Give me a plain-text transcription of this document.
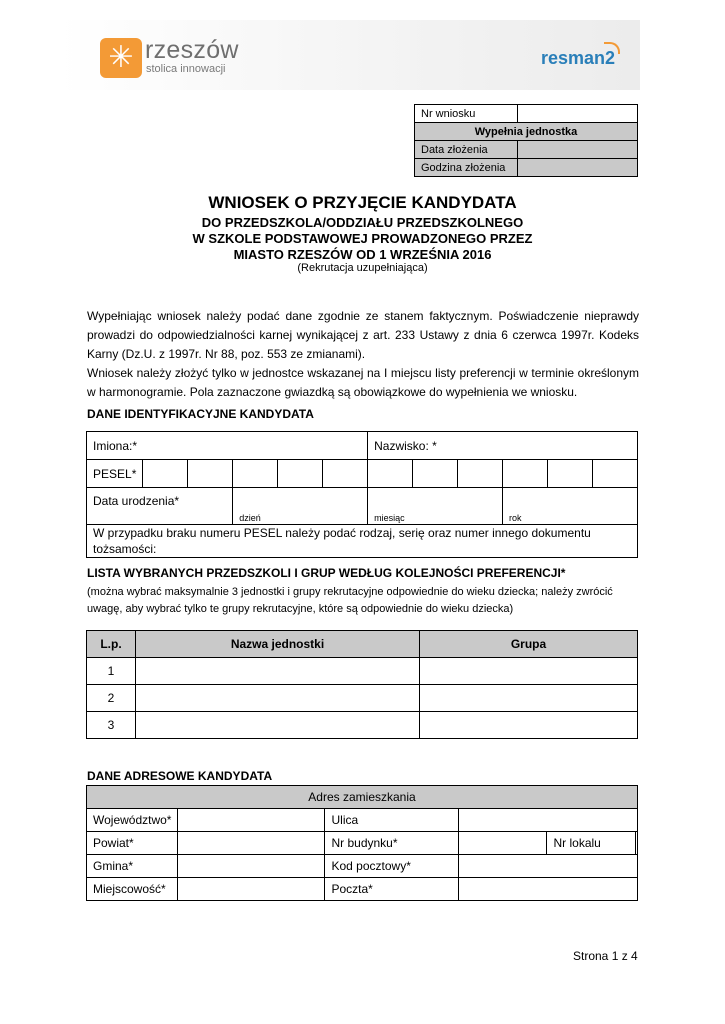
✳ rzeszów
stolica innowacji
resman2
Nr wniosku	
Wypełnia jednostka	
Data złożenia	
Godzina złożenia	
WNIOSEK O PRZYJĘCIE KANDYDATA
DO PRZEDSZKOLA/ODDZIAŁU PRZEDSZKOLNEGO
W SZKOLE PODSTAWOWEJ PROWADZONEGO PRZEZ
MIASTO RZESZÓW OD 1 WRZEŚNIA 2016
(Rekrutacja uzupełniająca)
Wypełniając wniosek należy podać dane zgodnie ze stanem faktycznym. Poświadczenie nieprawdy prowadzi do odpowiedzialności karnej wynikającej z art. 233 Ustawy z dnia 6 czerwca 1997r. Kodeks Karny (Dz.U. z 1997r. Nr 88, poz. 553 ze zmianami).
Wniosek należy złożyć tylko w jednostce wskazanej na I miejscu listy preferencji w terminie określonym w harmonogramie. Pola zaznaczone gwiazdką są obowiązkowe do wypełnienia we wniosku.
DANE IDENTYFIKACYJNE KANDYDATA
Imiona:*						Nazwisko: *					
PESEL*											
Data urodzenia*			dzień			miesiąc			rok		
W przypadku braku numeru PESEL należy podać rodzaj, serię oraz numer innego dokumentu tożsamości:											
LISTA WYBRANYCH PRZEDSZKOLI I GRUP WEDŁUG KOLEJNOŚCI PREFERENCJI*
(można wybrać maksymalnie 3 jednostki i grupy rekrutacyjne odpowiednie do wieku dziecka; należy zwrócić uwagę, aby wybrać tylko te grupy rekrutacyjne, które są odpowiednie do wieku dziecka)
L.p.	Nazwa jednostki	Grupa
1		
2		
3		
DANE ADRESOWE KANDYDATA
Adres zamieszkania				
Województwo*		Ulica		
Powiat*		Nr budynku*		Nr lokalu

Gmina*		Kod pocztowy*		
Miejscowość*		Poczta*		
Strona 1 z 4
